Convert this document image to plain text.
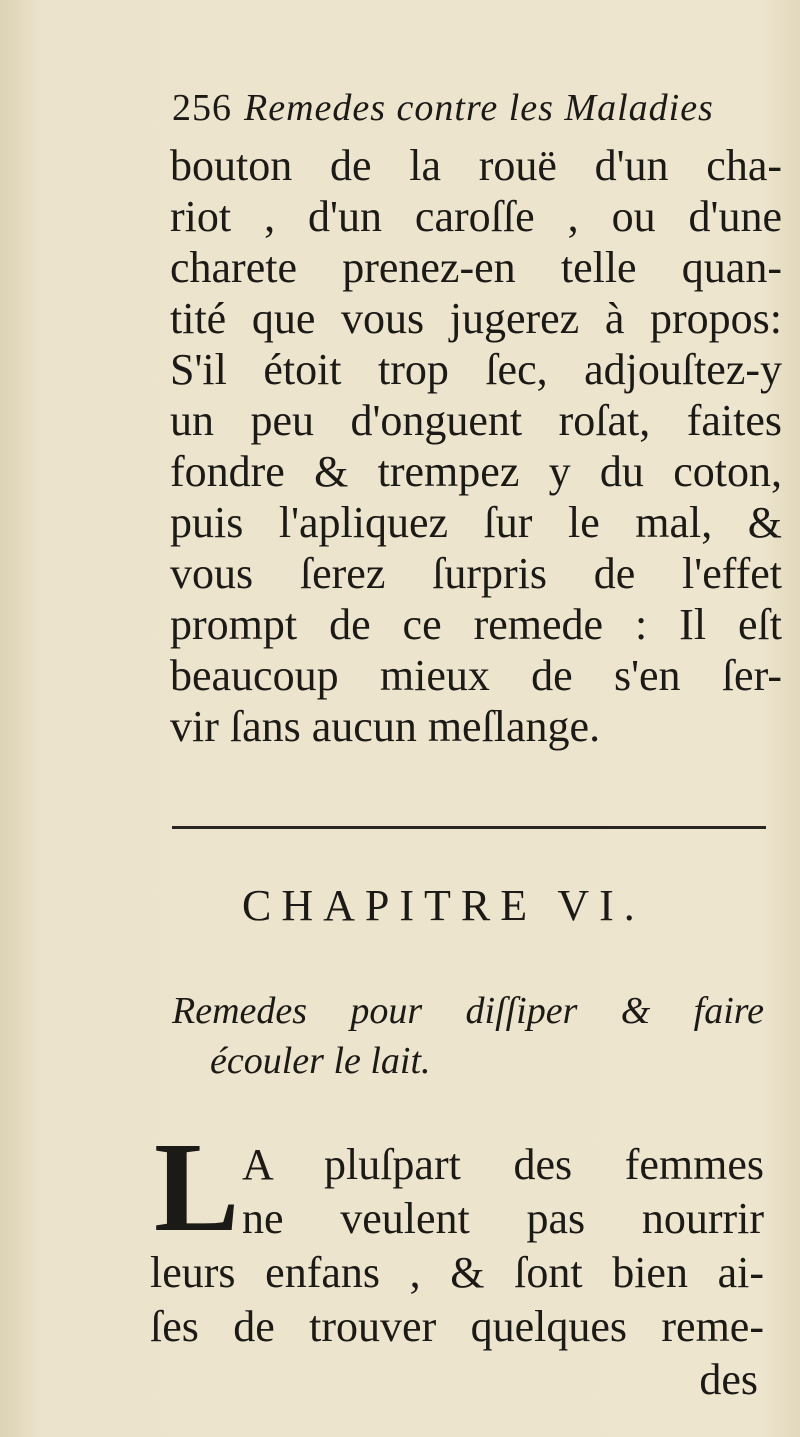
256 Remedes contre les Maladies
bouton de la rouë d'un cha-
riot , d'un caroſſe , ou d'une
charete prenez-en telle quan-
tité que vous jugerez à propos:
S'il étoit trop ſec, adjouſtez-y
un peu d'onguent roſat, faites
fondre & trempez y du coton,
puis l'apliquez ſur le mal, &
vous ſerez ſurpris de l'effet
prompt de ce remede : Il eſt
beaucoup mieux de s'en ſer-
vir ſans aucun meſlange.
CHAPITRE VI.
Remedes pour diſſiper & faire
écouler le lait.
L A pluſpart des femmes
ne veulent pas nourrir
leurs enfans , & ſont bien ai-
ſes de trouver quelques reme-
des
